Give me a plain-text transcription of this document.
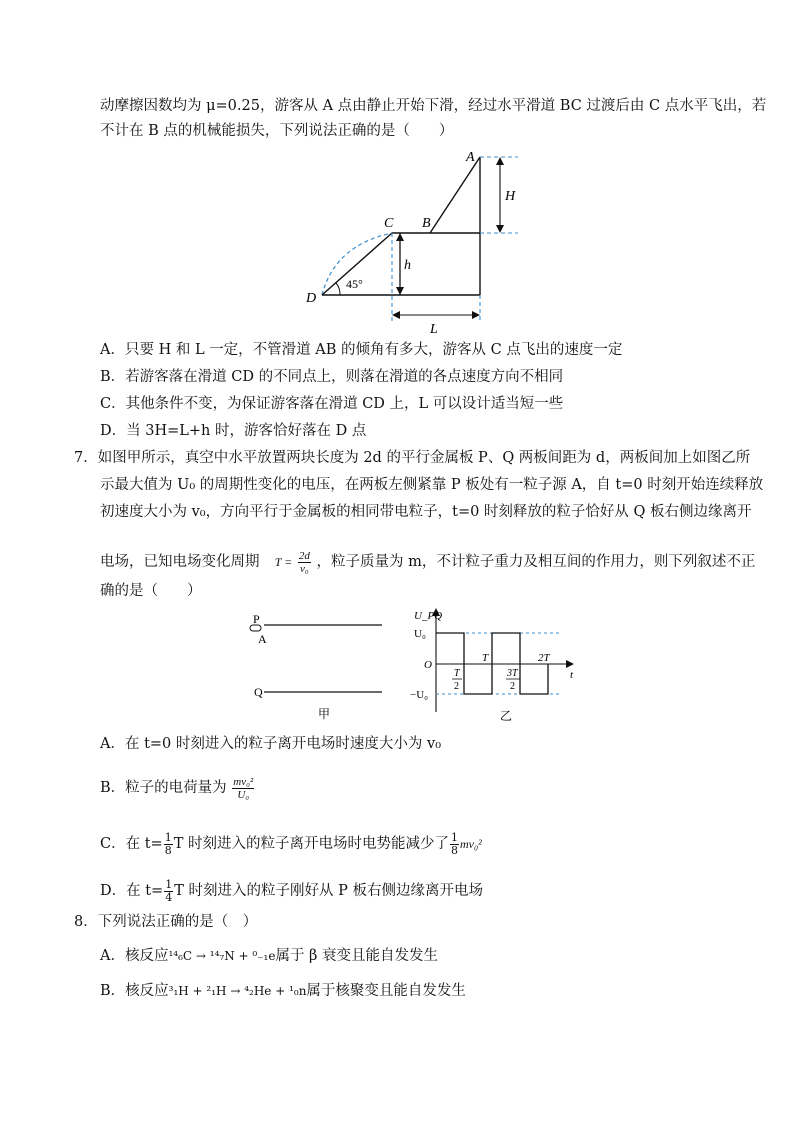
动摩擦因数均为 μ=0.25，游客从 A 点由静止开始下滑，经过水平滑道 BC 过渡后由 C 点水平飞出，若
不计在 B 点的机械能损失，下列说法正确的是（　　）
A
B
C
D
H
h
L
45°
A．只要 H 和 L 一定，不管滑道 AB 的倾角有多大，游客从 C 点飞出的速度一定
B．若游客落在滑道 CD 的不同点上，则落在滑道的各点速度方向不相同
C．其他条件不变，为保证游客落在滑道 CD 上，L 可以设计适当短一些
D．当 3H=L+h 时，游客恰好落在 D 点
7．如图甲所示，真空中水平放置两块长度为 2d 的平行金属板 P、Q 两板间距为 d，两板间加上如图乙所
示最大值为 U₀ 的周期性变化的电压，在两板左侧紧靠 P 板处有一粒子源 A，自 t=0 时刻开始连续释放
初速度大小为 v₀，方向平行于金属板的相同带电粒子，t=0 时刻释放的粒子恰好从 Q 板右侧边缘离开
电场，已知电场变化周期 $T = \frac{2d}{\text{v₀}}$ ，粒子质量为 m，不计粒子重力及相互间的作用力，则下列叙述不正
确的是（　　）
P
A
Q
甲
U_PQ
U₀
O
−U₀
T	2T
t
T
2
3T
2
乙
A．在 t=0 时刻进入的粒子离开电场时速度大小为 v₀
B．粒子的电荷量为 $\frac{\text{mv₀²}}{\text{U₀}}$
C．在 $t= \frac{1}{8}$ T 时刻进入的粒子离开电场时电势能减少了 $\frac{1}{8} mv_0^2$
D．在 $t= \frac{1}{4}$ T 时刻进入的粒子刚好从 P 板右侧边缘离开电场
8．下列说法正确的是（　）
A．核反应¹⁴₆C → ¹⁴₇N + ⁰₋₁e属于 β 衰变且能自发发生
B．核反应³₁H + ²₁H → ⁴₂He + ¹₀n属于核聚变且能自发发生
